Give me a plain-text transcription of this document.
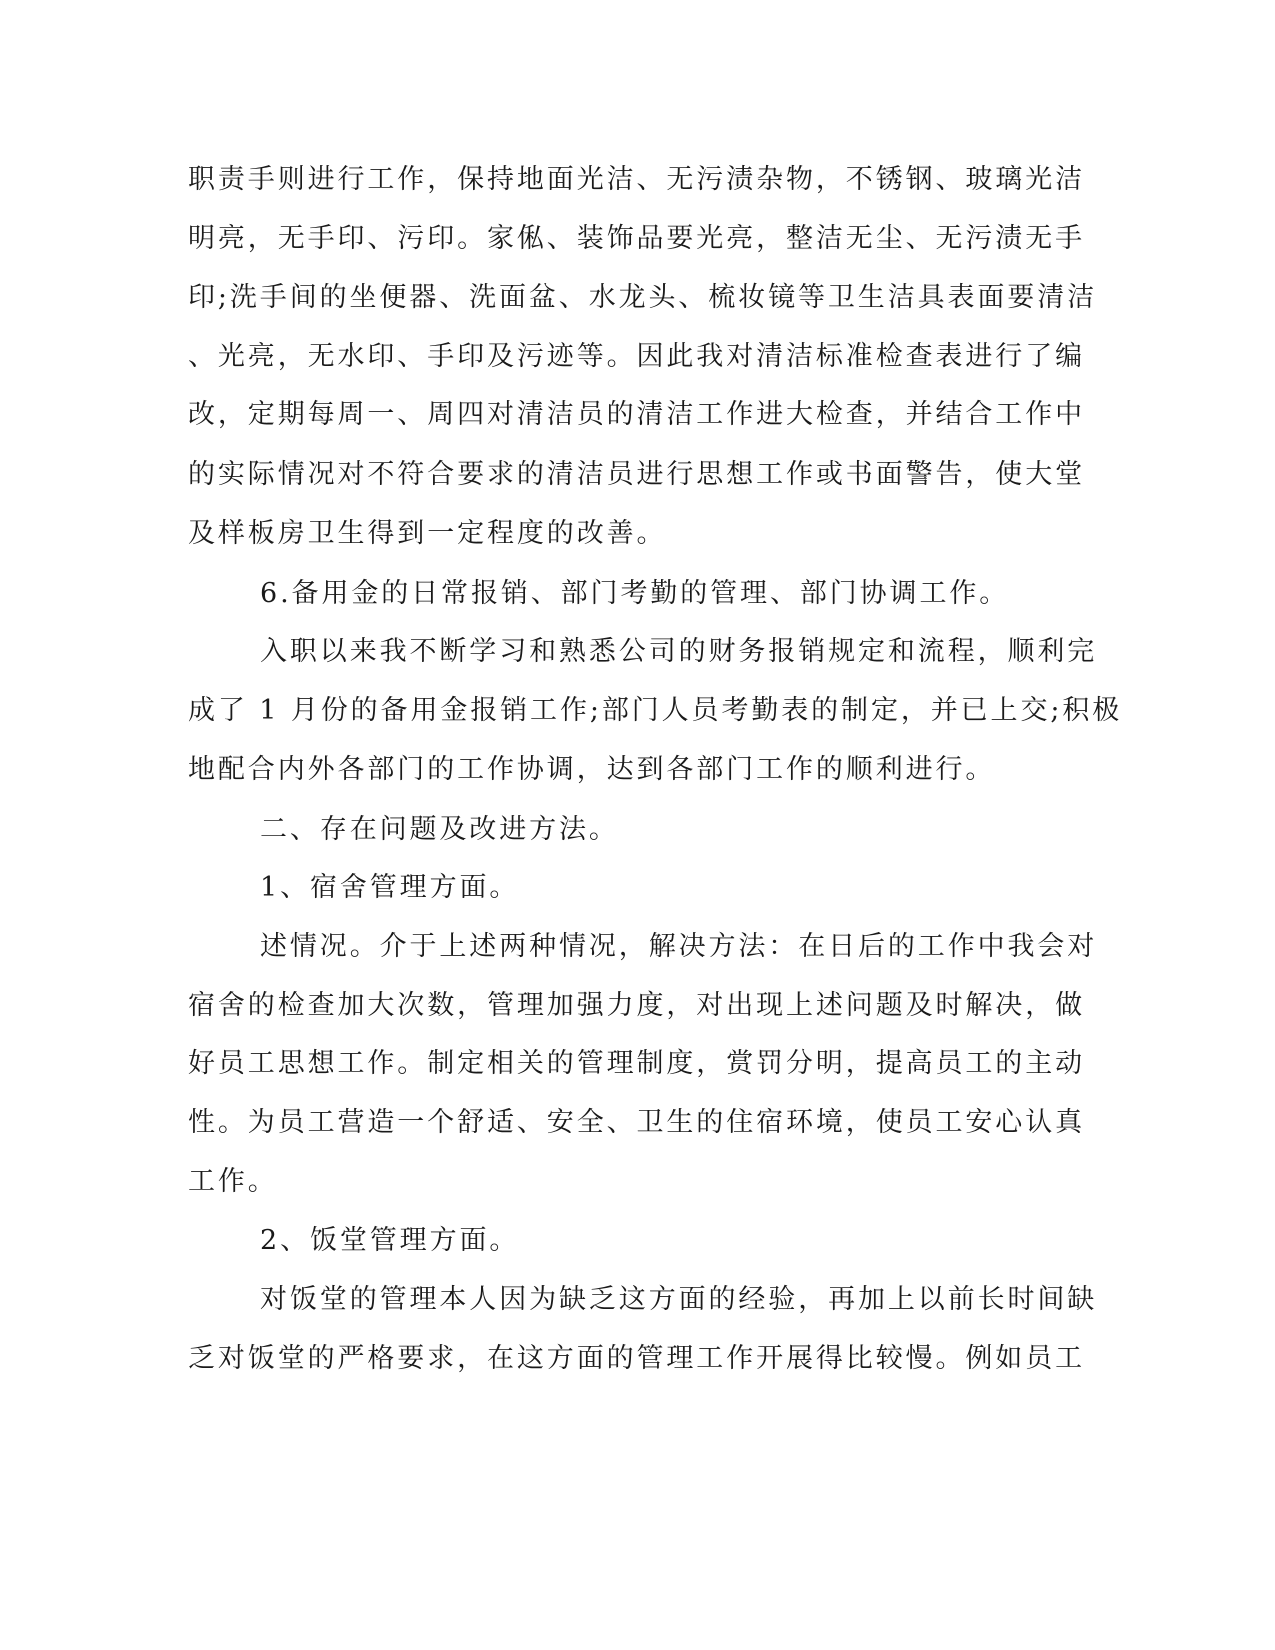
职责手则进行工作，保持地面光洁、无污渍杂物，不锈钢、玻璃光洁
明亮，无手印、污印。家俬、装饰品要光亮，整洁无尘、无污渍无手
印;洗手间的坐便器、洗面盆、水龙头、梳妆镜等卫生洁具表面要清洁
、光亮，无水印、手印及污迹等。因此我对清洁标准检查表进行了编
改，定期每周一、周四对清洁员的清洁工作进大检查，并结合工作中
的实际情况对不符合要求的清洁员进行思想工作或书面警告，使大堂
及样板房卫生得到一定程度的改善。
6.备用金的日常报销、部门考勤的管理、部门协调工作。
入职以来我不断学习和熟悉公司的财务报销规定和流程，顺利完
成了 1 月份的备用金报销工作;部门人员考勤表的制定，并已上交;积极
地配合内外各部门的工作协调，达到各部门工作的顺利进行。
二、存在问题及改进方法。
1、宿舍管理方面。
述情况。介于上述两种情况，解决方法：在日后的工作中我会对
宿舍的检查加大次数，管理加强力度，对出现上述问题及时解决，做
好员工思想工作。制定相关的管理制度，赏罚分明，提高员工的主动
性。为员工营造一个舒适、安全、卫生的住宿环境，使员工安心认真
工作。
2、饭堂管理方面。
对饭堂的管理本人因为缺乏这方面的经验，再加上以前长时间缺
乏对饭堂的严格要求，在这方面的管理工作开展得比较慢。例如员工
